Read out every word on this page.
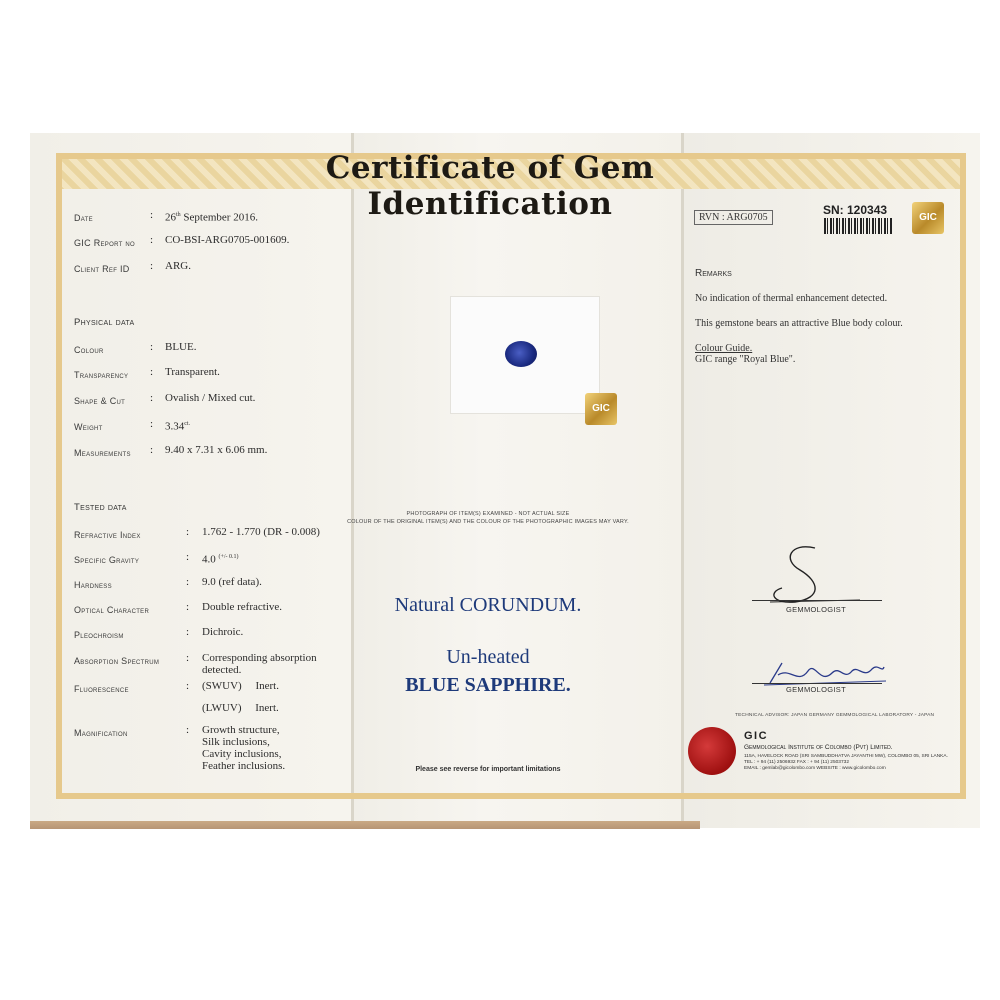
Certificate of Gem Identification
Date	: 26th September 2016.
GIC Report no : CO-BSI-ARG0705-001609.
Client Ref ID : ARG.
Physical data
Colour	: BLUE.
Transparency : Transparent.
Shape & Cut : Ovalish / Mixed cut.
Weight	: $3.34^{ct.}$
Measurements : 9.40 x 7.31 x 6.06 mm.
Tested data
Refractive Index	: 1.762 - 1.770 (DR - 0.008)
Specific Gravity	: 4.0 $^{(+/- 0.1)}$
Hardness	: 9.0 (ref data).
Optical Character	: Double refractive.
Pleochroism	: Dichroic.
Absorption Spectrum : Corresponding absorption
detected.
Fluorescence	: (SWUV)     Inert.
(LWUV)     Inert.
Magnification	: Growth structure,
Silk inclusions,
Cavity inclusions,
Feather inclusions.
GIC
PHOTOGRAPH OF ITEM(S) EXAMINED - NOT ACTUAL SIZE
COLOUR OF THE ORIGINAL ITEM(S) AND THE COLOUR OF THE PHOTOGRAPHIC IMAGES MAY VARY.
Natural CORUNDUM.
Un-heated
BLUE SAPPHIRE.
Please see reverse for important limitations
RVN : ARG0705
SN: 120343
GIC
Remarks
No indication of thermal enhancement detected.
This gemstone bears an attractive Blue body colour.
Colour Guide.
GIC range "Royal Blue".
GEMMOLOGIST
GEMMOLOGIST
TECHNICAL ADVISOR: JAPAN GERMANY GEMMOLOGICAL LABORATORY - JAPAN
GIC
Gemmological Institute of Colombo (Pvt) Limited.
115A, HAVELOCK ROAD (SRI SAMBUDDHATVA JAYANTHI MW), COLOMBO 05, SRI LANKA.
TEL : + 94 (11) 2506932 FAX : + 94 (11) 2503732
EMAIL : gemlab@gicolombo.com WEBSITE : www.gicolombo.com
